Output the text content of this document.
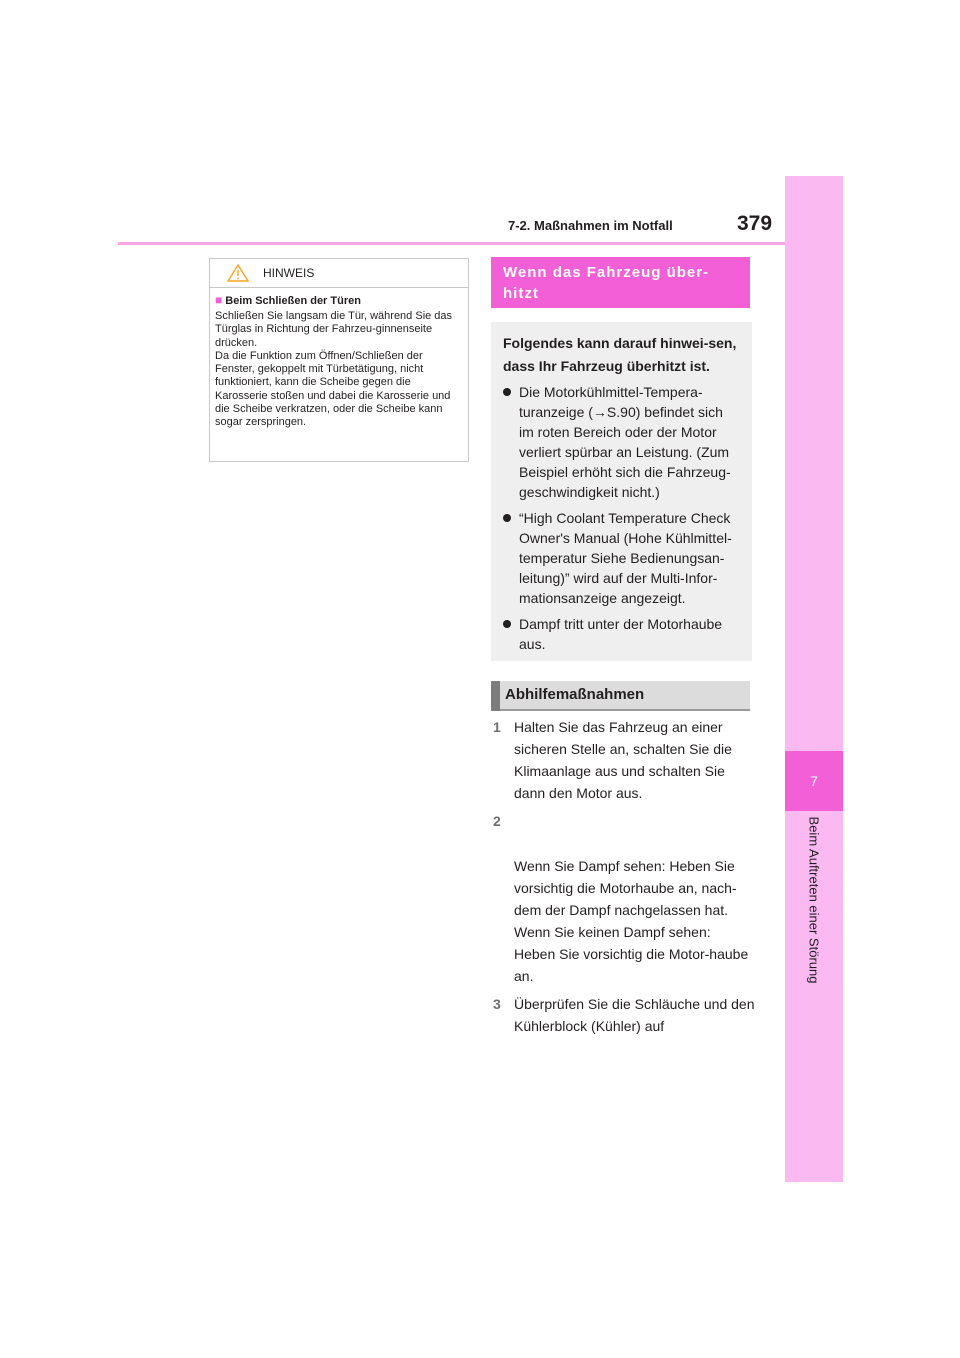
7
Beim Auftreten einer Störung
7-2. Maßnahmen im Notfall	379
HINWEIS

■ Beim Schließen der Türen

Schließen Sie langsam die Tür, während Sie das Türglas in Richtung der Fahrzeu-ginnenseite drücken.
Da die Funktion zum Öffnen/Schließen der Fenster, gekoppelt mit Türbetätigung, nicht funktioniert, kann die Scheibe gegen die Karosserie stoßen und dabei die Karosserie und die Scheibe verkratzen, oder die Scheibe kann sogar zerspringen.

Wenn das Fahrzeug über-hitzt

Folgendes kann darauf hinwei-sen, dass Ihr Fahrzeug überhitzt ist.

Die Motorkühlmittel-Tempera-turanzeige (→S.90) befindet sich im roten Bereich oder der Motor verliert spürbar an Leistung. (Zum Beispiel erhöht sich die Fahrzeug-geschwindigkeit nicht.)
“High Coolant Temperature Check Owner's Manual (Hohe Kühlmittel-temperatur Siehe Bedienungsan-leitung)” wird auf der Multi-Infor-mationsanzeige angezeigt.
Dampf tritt unter der Motorhaube aus.
Abhilfemaßnahmen
1 Halten Sie das Fahrzeug an einer sicheren Stelle an, schalten Sie die Klimaanlage aus und schalten Sie dann den Motor aus.

2

Wenn Sie Dampf sehen: Heben Sie vorsichtig die Motorhaube an, nach-dem der Dampf nachgelassen hat.
Wenn Sie keinen Dampf sehen: Heben Sie vorsichtig die Motor-haube an.

3 Überprüfen Sie die Schläuche und den Kühlerblock (Kühler) auf
